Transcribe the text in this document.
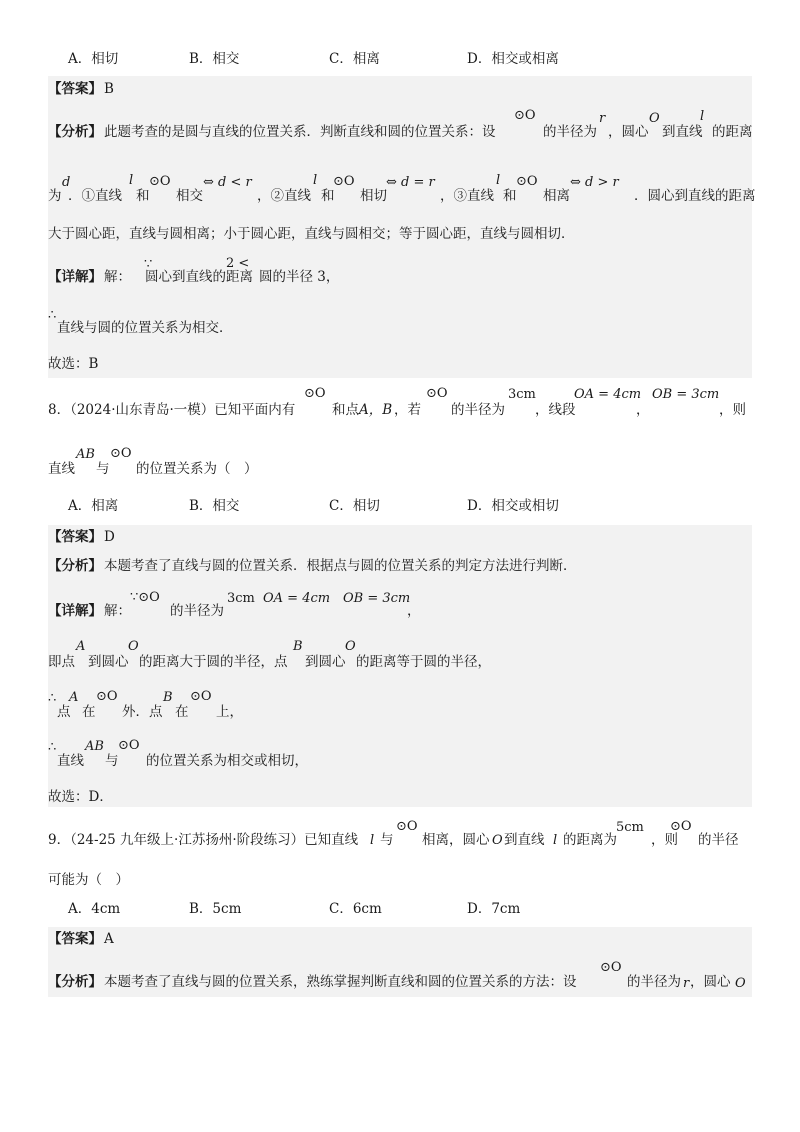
A．相切	B．相交	C．相离	D．相交或相离
【答案】 B
⊙O	r	O	l
【分析】 此题考查的是圆与直线的位置关系．判断直线和圆的位置关系：设	的半径为 ，圆心 到直线 的距离
d	l ⊙O ⇔ d < r	l ⊙O ⇔ d = r	l ⊙O ⇔ d > r
为 ．①直线 和 相交	，②直线 和 相切	，③直线 和 相离	．圆心到直线的距离
大于圆心距，直线与圆相离；小于圆心距，直线与圆相交；等于圆心距，直线与圆相切．
∵	2 <
【详解】 解： 圆心到直线的距离 圆的半径 3，
∴
直线与圆的位置关系为相交．
故选：B
⊙O	⊙O	3cm	OA = 4cm OB = 3cm
8．（2024·山东青岛·一模）已知平面内有	和点 A，B ，若 的半径为 ，线段	，	，则
AB ⊙O
直线 与 的位置关系为（　）
A．相离	B．相交	C．相切	D．相交或相切
【答案】 D
【分析】 本题考查了直线与圆的位置关系．根据点与圆的位置关系的判定方法进行判断．
∵⊙O	3cm OA = 4cm OB = 3cm
【详解】 解：	的半径为	，
A	O	B	O
即点 到圆心 的距离大于圆的半径，点 到圆心 的距离等于圆的半径，
∴ A ⊙O	B ⊙O
点 在 外．点 在 上，
∴ AB ⊙O
直线 与 的位置关系为相交或相切，
故选：D．
⊙O	5cm ⊙O
9．（24-25 九年级上·江苏扬州·阶段练习）已知直线 l 与 相离，圆心 O 到直线 l 的距离为	，则 的半径
可能为（　）
A．4cm	B．5cm	C．6cm	D．7cm
【答案】 A
⊙O
【分析】 本题考查了直线与圆的位置关系，熟练掌握判断直线和圆的位置关系的方法：设	的半径为 r ，圆心 O
